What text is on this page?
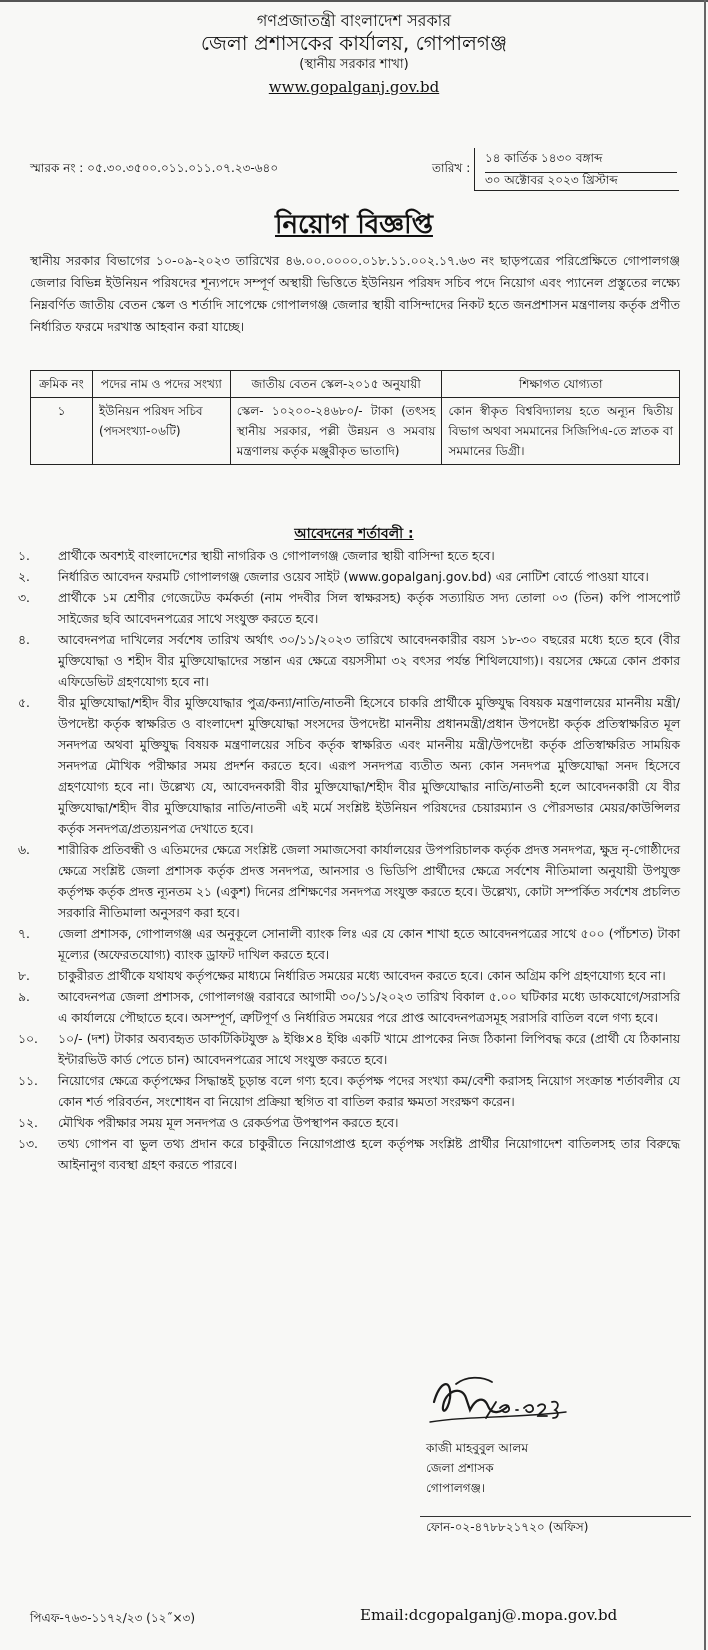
গণপ্রজাতন্ত্রী বাংলাদেশ সরকার
জেলা প্রশাসকের কার্যালয়, গোপালগঞ্জ
(স্থানীয় সরকার শাখা)
www.gopalganj.gov.bd
স্মারক নং : ০৫.৩০.৩৫০০.০১১.০১১.০৭.২৩-৬৪০	তারিখ :
১৪ কার্তিক ১৪৩০ বঙ্গাব্দ
৩০ অক্টোবর ২০২৩ খ্রিস্টাব্দ
নিয়োগ বিজ্ঞপ্তি
স্থানীয় সরকার বিভাগের ১০-০৯-২০২৩ তারিখের ৪৬.০০.০০০০.০১৮.১১.০০২.১৭.৬৩ নং ছাড়পত্রের পরিপ্রেক্ষিতে গোপালগঞ্জ জেলার বিভিন্ন ইউনিয়ন পরিষদের শূন্যপদে সম্পূর্ণ অস্থায়ী ভিত্তিতে ইউনিয়ন পরিষদ সচিব পদে নিয়োগ এবং প্যানেল প্রস্তুতের লক্ষ্যে নিম্নবর্ণিত জাতীয় বেতন স্কেল ও শর্তাদি সাপেক্ষে গোপালগঞ্জ জেলার স্থায়ী বাসিন্দাদের নিকট হতে জনপ্রশাসন মন্ত্রণালয় কর্তৃক প্রণীত নির্ধারিত ফরমে দরখাস্ত আহবান করা যাচ্ছে।
ক্রমিক নং	পদের নাম ও পদের সংখ্যা	জাতীয় বেতন স্কেল-২০১৫ অনুযায়ী	শিক্ষাগত যোগ্যতা
১	ইউনিয়ন পরিষদ সচিব (পদসংখ্যা-০৬টি)	স্কেল- ১০২০০-২৪৬৮০/- টাকা (তৎসহ স্থানীয় সরকার, পল্লী উন্নয়ন ও সমবায় মন্ত্রণালয় কর্তৃক মঞ্জুরীকৃত ভাতাদি)	কোন স্বীকৃত বিশ্ববিদ্যালয় হতে অন্যূন দ্বিতীয় বিভাগ অথবা সমমানের সিজিপিএ-তে স্নাতক বা সমমানের ডিগ্রী।
আবেদনের শর্তাবলী :
১.	প্রার্থীকে অবশ্যই বাংলাদেশের স্থায়ী নাগরিক ও গোপালগঞ্জ জেলার স্থায়ী বাসিন্দা হতে হবে।
২.	নির্ধারিত আবেদন ফরমটি গোপালগঞ্জ জেলার ওয়েব সাইট (www.gopalganj.gov.bd) এর নোটিশ বোর্ডে পাওয়া যাবে।
৩.	প্রার্থীকে ১ম শ্রেণীর গেজেটেড কর্মকর্তা (নাম পদবীর সিল স্বাক্ষরসহ) কর্তৃক সত্যায়িত সদ্য তোলা ০৩ (তিন) কপি পাসপোর্ট সাইজের ছবি আবেদনপত্রের সাথে সংযুক্ত করতে হবে।
৪.	আবেদনপত্র দাখিলের সর্বশেষ তারিখ অর্থাৎ ৩০/১১/২০২৩ তারিখে আবেদনকারীর বয়স ১৮-৩০ বছরের মধ্যে হতে হবে (বীর মুক্তিযোদ্ধা ও শহীদ বীর মুক্তিযোদ্ধাদের সন্তান এর ক্ষেত্রে বয়সসীমা ৩২ বৎসর পর্যন্ত শিথিলযোগ্য)। বয়সের ক্ষেত্রে কোন প্রকার এফিডেভিট গ্রহণযোগ্য হবে না।
৫.	বীর মুক্তিযোদ্ধা/শহীদ বীর মুক্তিযোদ্ধার পুত্র/কন্যা/নাতি/নাতনী হিসেবে চাকরি প্রার্থীকে মুক্তিযুদ্ধ বিষয়ক মন্ত্রণালয়ের মাননীয় মন্ত্রী/উপদেষ্টা কর্তৃক স্বাক্ষরিত ও বাংলাদেশ মুক্তিযোদ্ধা সংসদের উপদেষ্টা মাননীয় প্রধানমন্ত্রী/প্রধান উপদেষ্টা কর্তৃক প্রতিস্বাক্ষরিত মূল সনদপত্র অথবা মুক্তিযুদ্ধ বিষয়ক মন্ত্রণালয়ের সচিব কর্তৃক স্বাক্ষরিত এবং মাননীয় মন্ত্রী/উপদেষ্টা কর্তৃক প্রতিস্বাক্ষরিত সাময়িক সনদপত্র মৌখিক পরীক্ষার সময় প্রদর্শন করতে হবে। এরূপ সনদপত্র ব্যতীত অন্য কোন সনদপত্র মুক্তিযোদ্ধা সনদ হিসেবে গ্রহণযোগ্য হবে না। উল্লেখ্য যে, আবেদনকারী বীর মুক্তিযোদ্ধা/শহীদ বীর মুক্তিযোদ্ধার নাতি/নাতনী হলে আবেদনকারী যে বীর মুক্তিযোদ্ধা/শহীদ বীর মুক্তিযোদ্ধার নাতি/নাতনী এই মর্মে সংশ্লিষ্ট ইউনিয়ন পরিষদের চেয়ারম্যান ও পৌরসভার মেয়র/কাউন্সিলর কর্তৃক সনদপত্র/প্রত্যয়নপত্র দেখাতে হবে।
৬.	শারীরিক প্রতিবন্ধী ও এতিমদের ক্ষেত্রে সংশ্লিষ্ট জেলা সমাজসেবা কার্যালয়ের উপপরিচালক কর্তৃক প্রদত্ত সনদপত্র, ক্ষুদ্র নৃ-গোষ্ঠীদের ক্ষেত্রে সংশ্লিষ্ট জেলা প্রশাসক কর্তৃক প্রদত্ত সনদপত্র, আনসার ও ভিডিপি প্রার্থীদের ক্ষেত্রে সর্বশেষ নীতিমালা অনুযায়ী উপযুক্ত কর্তৃপক্ষ কর্তৃক প্রদত্ত ন্যূনতম ২১ (একুশ) দিনের প্রশিক্ষণের সনদপত্র সংযুক্ত করতে হবে। উল্লেখ্য, কোটা সম্পর্কিত সর্বশেষ প্রচলিত সরকারি নীতিমালা অনুসরণ করা হবে।
৭.	জেলা প্রশাসক, গোপালগঞ্জ এর অনুকূলে সোনালী ব্যাংক লিঃ এর যে কোন শাখা হতে আবেদনপত্রের সাথে ৫০০ (পাঁচশত) টাকা মূল্যের (অফেরতযোগ্য) ব্যাংক ড্রাফট দাখিল করতে হবে।
৮.	চাকুরীরত প্রার্থীকে যথাযথ কর্তৃপক্ষের মাধ্যমে নির্ধারিত সময়ের মধ্যে আবেদন করতে হবে। কোন অগ্রিম কপি গ্রহণযোগ্য হবে না।
৯.	আবেদনপত্র জেলা প্রশাসক, গোপালগঞ্জ বরাবরে আগামী ৩০/১১/২০২৩ তারিখ বিকাল ৫.০০ ঘটিকার মধ্যে ডাকযোগে/সরাসরি এ কার্যালয়ে পৌছাতে হবে। অসম্পূর্ণ, ত্রুটিপূর্ণ ও নির্ধারিত সময়ের পরে প্রাপ্ত আবেদনপত্রসমূহ সরাসরি বাতিল বলে গণ্য হবে।
১০.	১০/- (দশ) টাকার অব্যবহৃত ডাকটিকিটযুক্ত ৯ ইঞ্চি×৪ ইঞ্চি একটি খামে প্রাপকের নিজ ঠিকানা লিপিবদ্ধ করে (প্রার্থী যে ঠিকানায় ইন্টারভিউ কার্ড পেতে চান) আবেদনপত্রের সাথে সংযুক্ত করতে হবে।
১১.	নিয়োগের ক্ষেত্রে কর্তৃপক্ষের সিদ্ধান্তই চূড়ান্ত বলে গণ্য হবে। কর্তৃপক্ষ পদের সংখ্যা কম/বেশী করাসহ নিয়োগ সংক্রান্ত শর্তাবলীর যে কোন শর্ত পরিবর্তন, সংশোধন বা নিয়োগ প্রক্রিয়া স্থগিত বা বাতিল করার ক্ষমতা সংরক্ষণ করেন।
১২.	মৌখিক পরীক্ষার সময় মূল সনদপত্র ও রেকর্ডপত্র উপস্থাপন করতে হবে।
১৩.	তথ্য গোপন বা ভুল তথ্য প্রদান করে চাকুরীতে নিয়োগপ্রাপ্ত হলে কর্তৃপক্ষ সংশ্লিষ্ট প্রার্থীর নিয়োগাদেশ বাতিলসহ তার বিরুদ্ধে আইনানুগ ব্যবস্থা গ্রহণ করতে পারবে।
কাজী মাহবুবুল আলম
জেলা প্রশাসক
গোপালগঞ্জ।
ফোন-০২-৪৭৮৮২১৭২০ (অফিস)
পিএফ-৭৬৩-১১৭২/২৩ (১২˝×৩)	Email:dcgopalganj@.mopa.gov.bd
